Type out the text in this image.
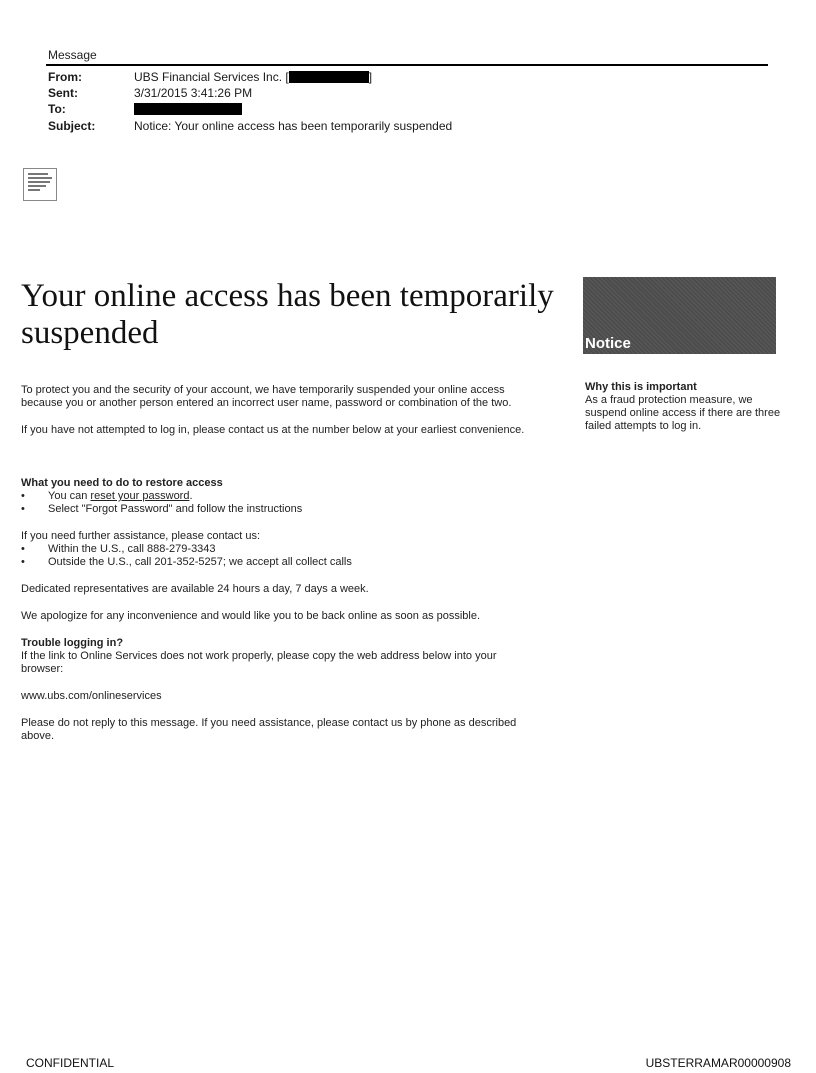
Message
From:	UBS Financial Services Inc. [	]
Sent:	3/31/2015 3:41:26 PM
To:
Subject:	Notice: Your online access has been temporarily suspended
Your online access has been temporarily suspended	Notice
Why this is important
As a fraud protection measure, we suspend online access if there are three failed attempts to log in.

To protect you and the security of your account, we have temporarily suspended your online access because you or another person entered an incorrect user name, password or combination of the two.

If you have not attempted to log in, please contact us at the number below at your earliest convenience.

What you need to do to restore access

•	You can reset your password.
•	Select "Forgot Password" and follow the instructions

If you need further assistance, please contact us:

•	Within the U.S., call 888-279-3343
•	Outside the U.S., call 201-352-5257; we accept all collect calls

Dedicated representatives are available 24 hours a day, 7 days a week.

We apologize for any inconvenience and would like you to be back online as soon as possible.

Trouble logging in?

If the link to Online Services does not work properly, please copy the web address below into your browser:

www.ubs.com/onlineservices

Please do not reply to this message. If you need assistance, please contact us by phone as described above.

CONFIDENTIAL	UBSTERRAMAR00000908
